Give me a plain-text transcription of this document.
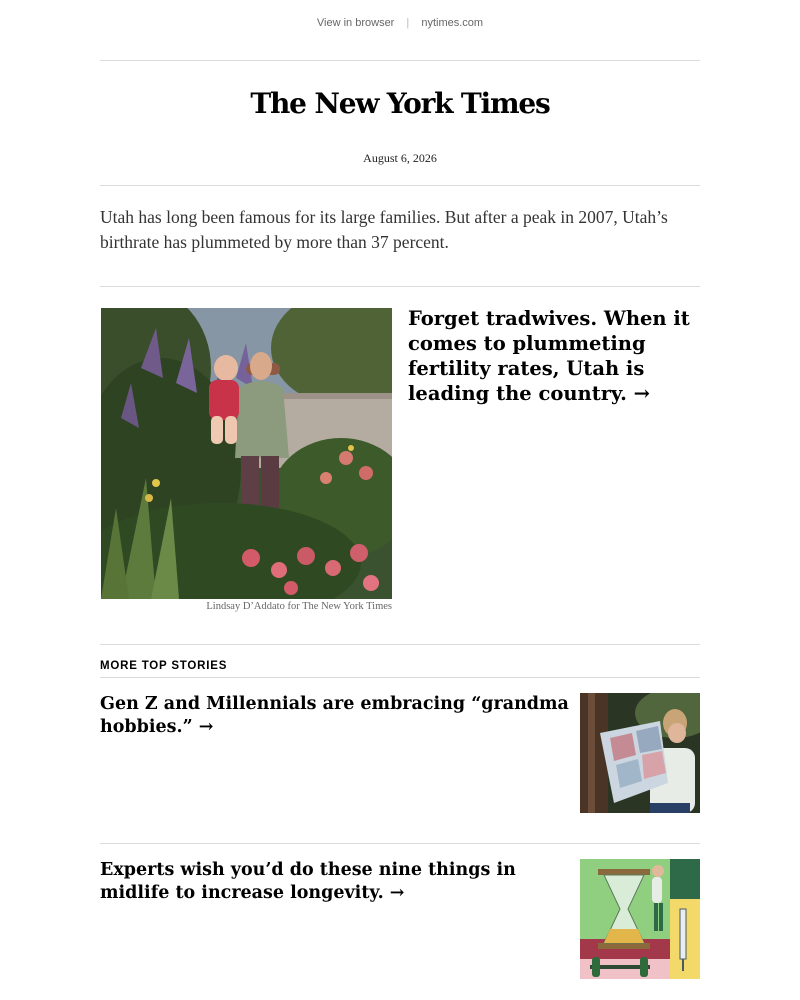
View in browser | nytimes.com
The New York Times
August 6, 2026

Utah has long been famous for its large families. But after a peak in 2007, Utah’s birthrate has plummeted by more than 37 percent.

Lindsay D’Addato for The New York Times
Forget tradwives. When it comes to plummeting fertility rates, Utah is leading the country. →
MORE TOP STORIES
Gen Z and Millennials are embracing “grandma hobbies.” →
Experts wish you’d do these nine things in midlife to increase longevity. →
